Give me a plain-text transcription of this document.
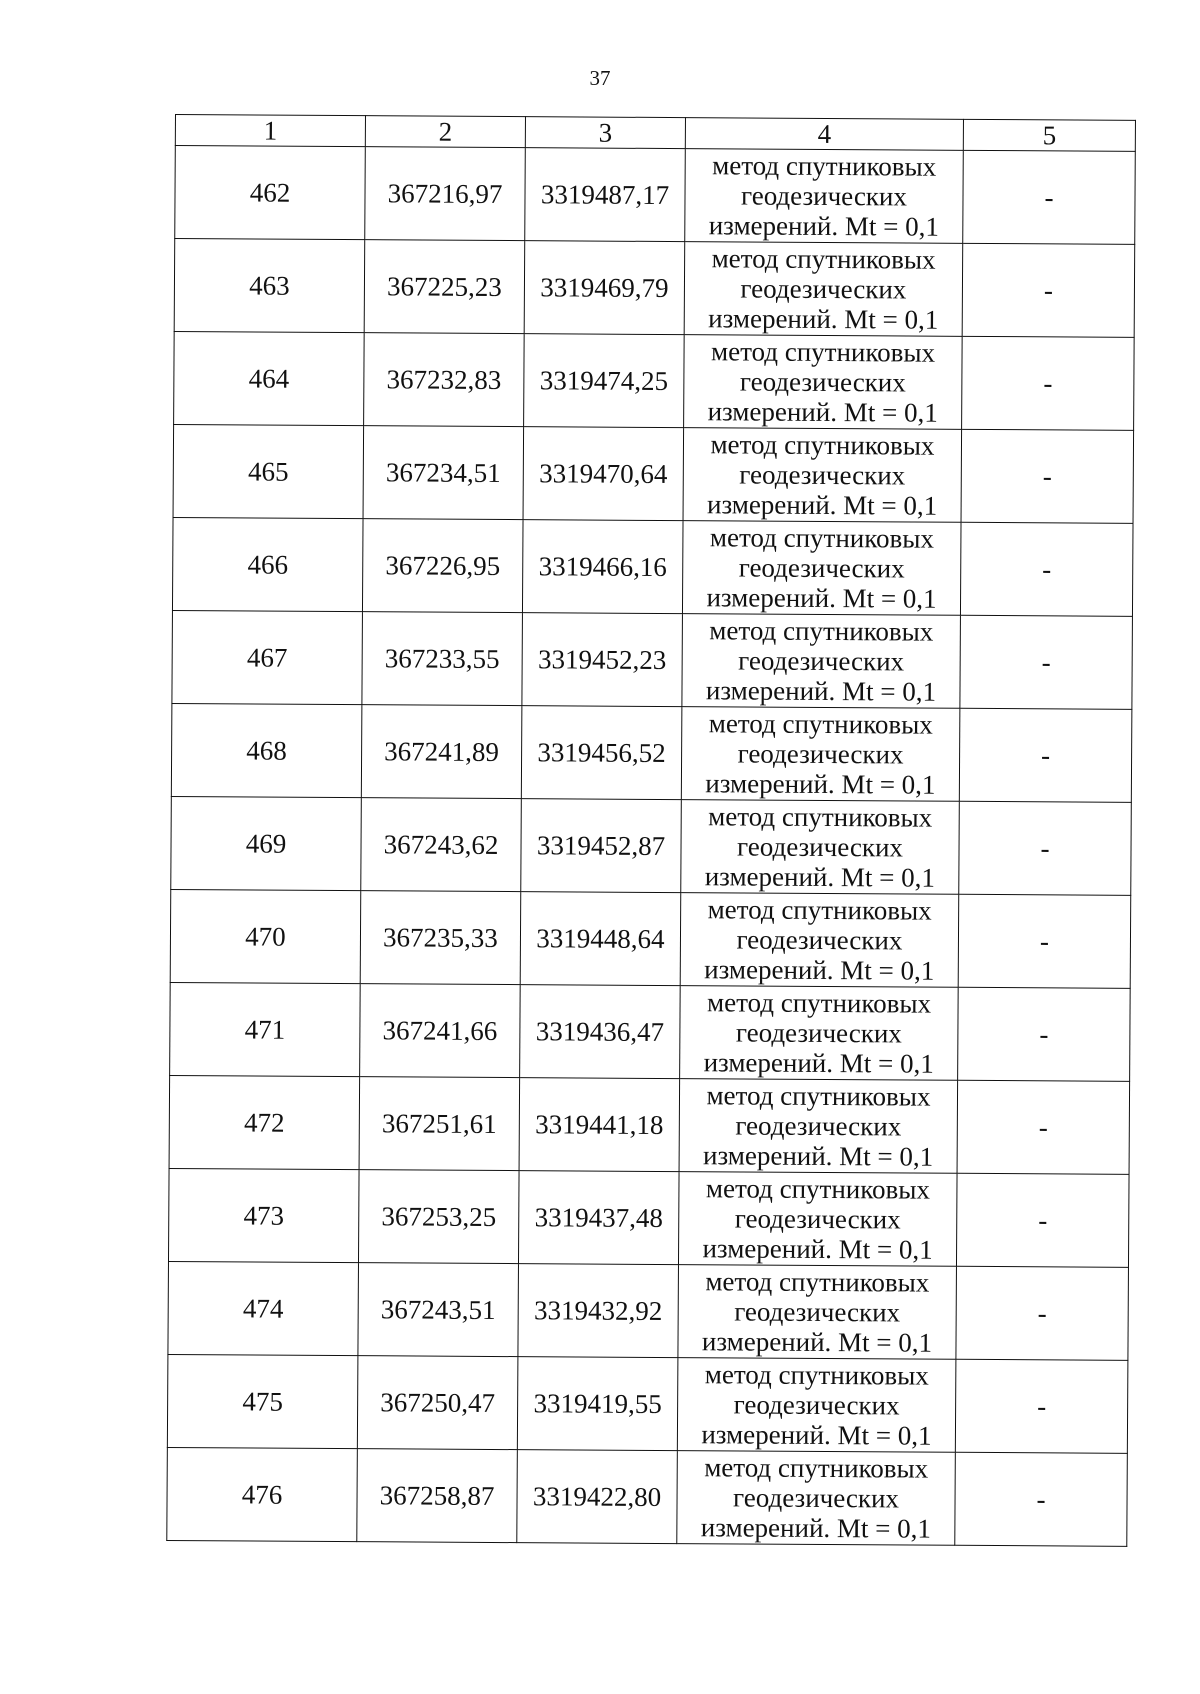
37
1	2	3	4	5
462	367216,97	3319487,17	метод спутниковых
геодезических
измерений. Mt = 0,1	-
463	367225,23	3319469,79	метод спутниковых
геодезических
измерений. Mt = 0,1	-
464	367232,83	3319474,25	метод спутниковых
геодезических
измерений. Mt = 0,1	-
465	367234,51	3319470,64	метод спутниковых
геодезических
измерений. Mt = 0,1	-
466	367226,95	3319466,16	метод спутниковых
геодезических
измерений. Mt = 0,1	-
467	367233,55	3319452,23	метод спутниковых
геодезических
измерений. Mt = 0,1	-
468	367241,89	3319456,52	метод спутниковых
геодезических
измерений. Mt = 0,1	-
469	367243,62	3319452,87	метод спутниковых
геодезических
измерений. Mt = 0,1	-
470	367235,33	3319448,64	метод спутниковых
геодезических
измерений. Mt = 0,1	-
471	367241,66	3319436,47	метод спутниковых
геодезических
измерений. Mt = 0,1	-
472	367251,61	3319441,18	метод спутниковых
геодезических
измерений. Mt = 0,1	-
473	367253,25	3319437,48	метод спутниковых
геодезических
измерений. Mt = 0,1	-
474	367243,51	3319432,92	метод спутниковых
геодезических
измерений. Mt = 0,1	-
475	367250,47	3319419,55	метод спутниковых
геодезических
измерений. Mt = 0,1	-
476	367258,87	3319422,80	метод спутниковых
геодезических
измерений. Mt = 0,1	-
